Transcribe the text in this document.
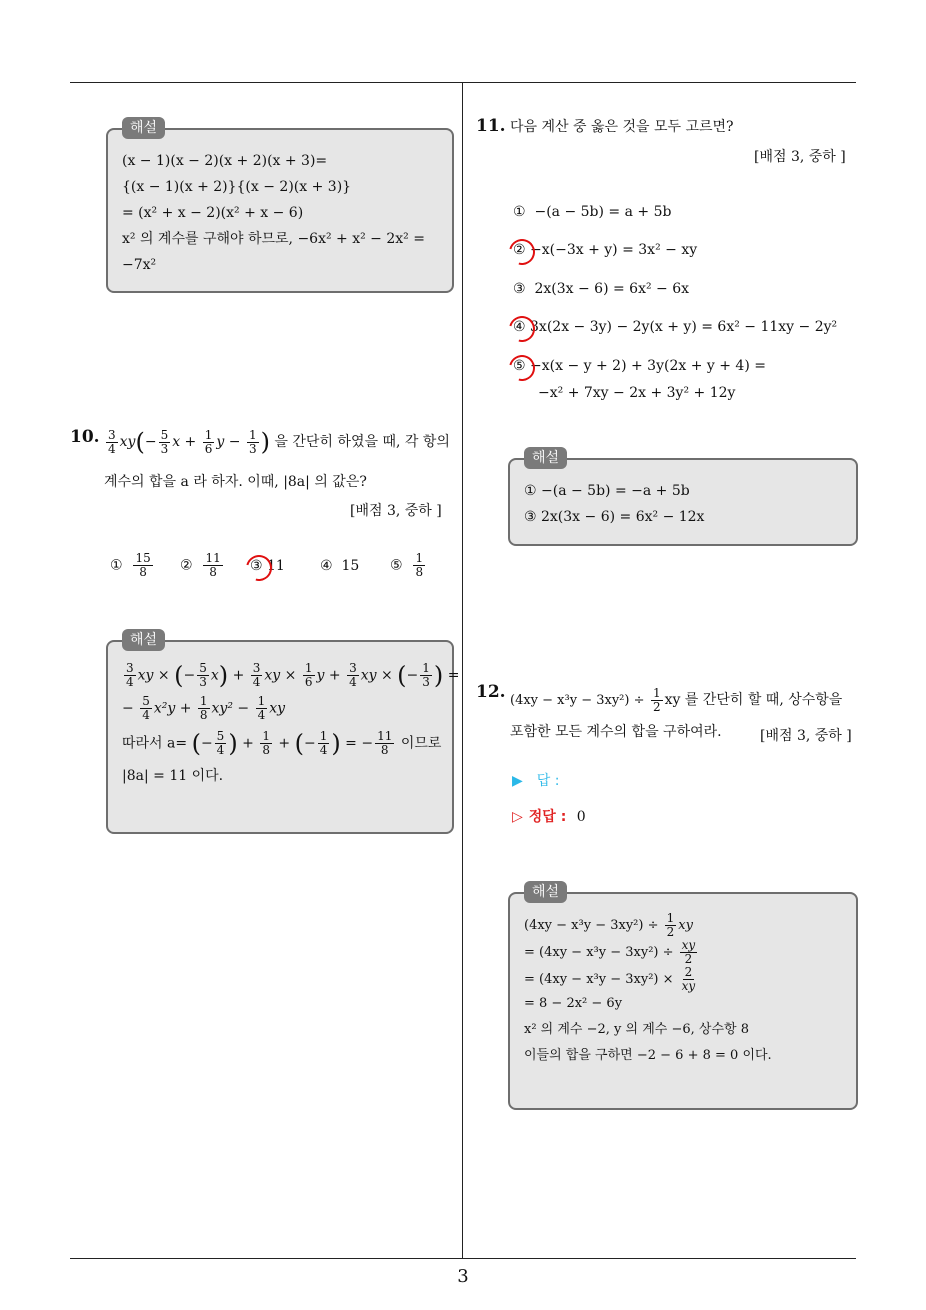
3
해설
(x − 1)(x − 2)(x + 2)(x + 3)=
{(x − 1)(x + 2)}{(x − 2)(x + 3)}
= (x² + x − 2)(x² + x − 6)
x² 의 계수를 구해야 하므로, −6x² + x² − 2x² =
−7x²
10. $\frac{3}{4} xy(- \frac{5}{3}$ $x + \frac{1}{6}$ $y - \frac{1}{3}$ ) 을 간단히 하였을 때, 각 항의
계수의 합을 a 라 하자. 이때, |8a| 의 값은?
[배점 3, 중하 ]
① $\frac{15}{8}$ ② $\frac{11}{8}$ ③ 11	④ 15 ⑤ $\frac{1}{8}$
해설
$\frac{3}{4}$ xy × (− $\frac{5}{3} x) + \frac{3}{4}$ xy × $\frac{1}{6}$ $y + \frac{3}{4}$ xy × (− $\frac{1}{3}$ ) =
− $\frac{5}{4} x^2y + \frac{1}{8} xy^2 - \frac{1}{4}$ xy
따라서 a= (− $\frac{5}{4}$ ) + $\frac{1}{8}$ + (− $\frac{1}{4}$ ) = − $\frac{11}{8}$ 이므로
|8a| = 11 이다.
11. 다음 계산 중 옳은 것을 모두 고르면?
[배점 3, 중하 ]
① −(a − 5b) = a + 5b
② −x(−3x + y) = 3x² − xy
③ 2x(3x − 6) = 6x² − 6x
④ 3x(2x − 3y) − 2y(x + y) = 6x² − 11xy − 2y²
⑤ −x(x − y + 2) + 3y(2x + y + 4) =
−x² + 7xy − 2x + 3y² + 12y
해설
① −(a − 5b) = −a + 5b
③ 2x(3x − 6) = 6x² − 12x
12. $(4xy - x^3y - 3xy^2) \div \frac{1}{2}$ xy 를 간단히 할 때, 상수항을
포함한 모든 계수의 합을 구하여라.	[배점 3, 중하 ]
▶ 답 :
▷ 정답 : 0
해설
$(4xy - x^3y - 3xy^2) \div \frac{1}{2}$ xy
= $(4xy - x^3y - 3xy^2) \div \frac{xy}{2}$
= $(4xy - x^3y - 3xy^2) \times \frac{2}{xy}$
= 8 − 2x² − 6y
x² 의 계수 −2, y 의 계수 −6, 상수항 8
이들의 합을 구하면 −2 − 6 + 8 = 0 이다.
